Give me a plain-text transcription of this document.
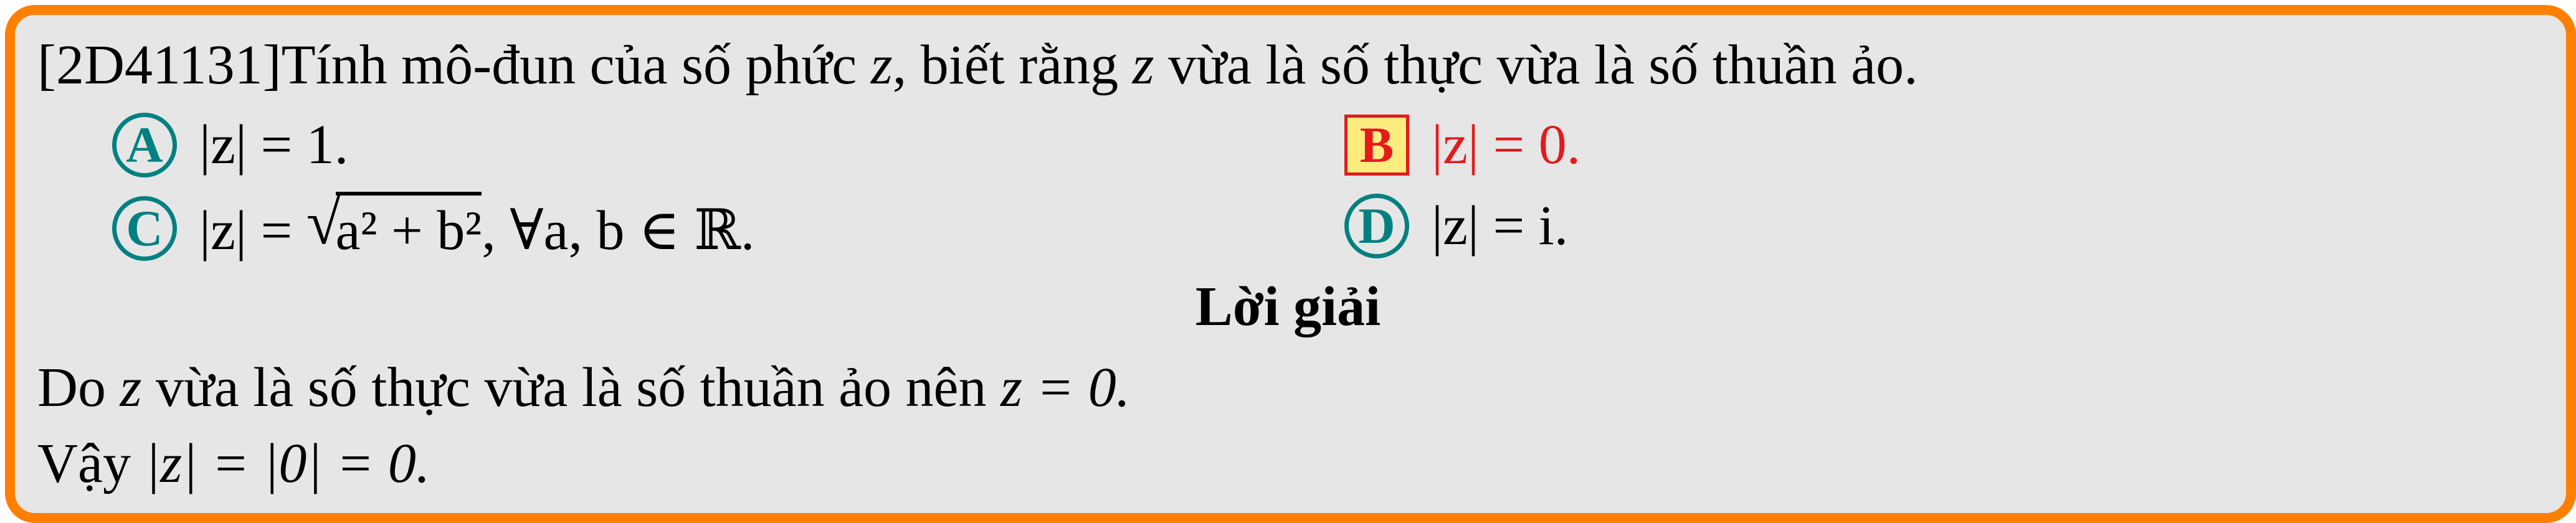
[2D41131]Tính mô-đun của số phức z, biết rằng z vừa là số thực vừa là số thuần ảo.
A |z| = 1.	B |z| = 0.
C |z| = √
a² + b², ∀a, b ∈ ℝ.	D |z| = i.
Lời giải
Do z vừa là số thực vừa là số thuần ảo nên z = 0.
Vậy |z| = |0| = 0.
